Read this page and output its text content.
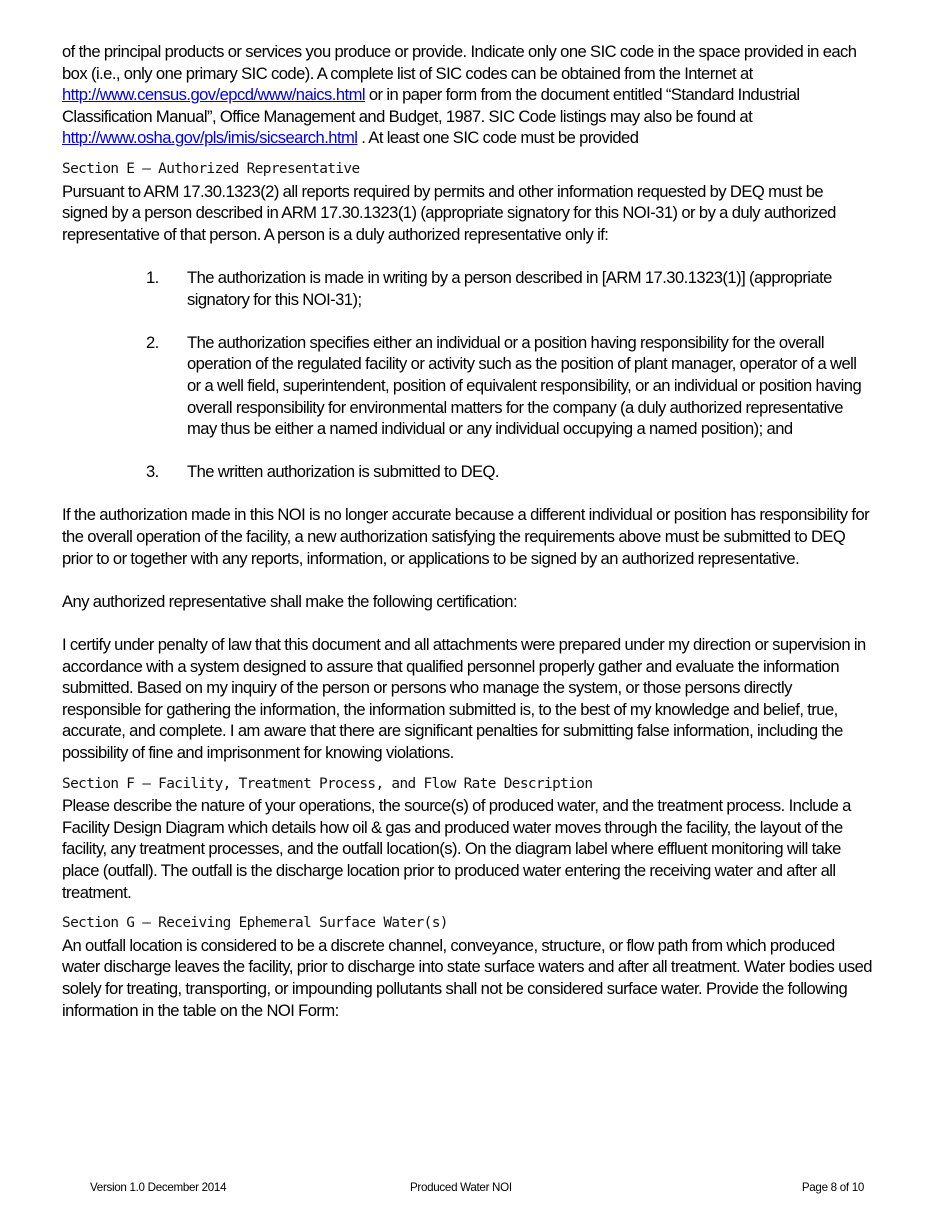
of the principal products or services you produce or provide. Indicate only one SIC code in the space provided in each box (i.e., only one primary SIC code). A complete list of SIC codes can be obtained from the Internet at http://www.census.gov/epcd/www/naics.html or in paper form from the document entitled “Standard Industrial Classification Manual”, Office Management and Budget, 1987. SIC Code listings may also be found at http://www.osha.gov/pls/imis/sicsearch.html . At least one SIC code must be provided

Section E – Authorized Representative

Pursuant to ARM 17.30.1323(2) all reports required by permits and other information requested by DEQ must be signed by a person described in ARM 17.30.1323(1) (appropriate signatory for this NOI-31) or by a duly authorized representative of that person. A person is a duly authorized representative only if:

1. The authorization is made in writing by a person described in [ARM 17.30.1323(1)] (appropriate signatory for this NOI-31);
2. The authorization specifies either an individual or a position having responsibility for the overall operation of the regulated facility or activity such as the position of plant manager, operator of a well or a well field, superintendent, position of equivalent responsibility, or an individual or position having overall responsibility for environmental matters for the company (a duly authorized representative may thus be either a named individual or any individual occupying a named position); and
3. The written authorization is submitted to DEQ.

If the authorization made in this NOI is no longer accurate because a different individual or position has responsibility for the overall operation of the facility, a new authorization satisfying the requirements above must be submitted to DEQ prior to or together with any reports, information, or applications to be signed by an authorized representative.

Any authorized representative shall make the following certification:

I certify under penalty of law that this document and all attachments were prepared under my direction or supervision in accordance with a system designed to assure that qualified personnel properly gather and evaluate the information submitted. Based on my inquiry of the person or persons who manage the system, or those persons directly responsible for gathering the information, the information submitted is, to the best of my knowledge and belief, true, accurate, and complete. I am aware that there are significant penalties for submitting false information, including the possibility of fine and imprisonment for knowing violations.

Section F – Facility, Treatment Process, and Flow Rate Description

Please describe the nature of your operations, the source(s) of produced water, and the treatment process. Include a Facility Design Diagram which details how oil & gas and produced water moves through the facility, the layout of the facility, any treatment processes, and the outfall location(s). On the diagram label where effluent monitoring will take place (outfall). The outfall is the discharge location prior to produced water entering the receiving water and after all treatment.

Section G – Receiving Ephemeral Surface Water(s)

An outfall location is considered to be a discrete channel, conveyance, structure, or flow path from which produced water discharge leaves the facility, prior to discharge into state surface waters and after all treatment. Water bodies used solely for treating, transporting, or impounding pollutants shall not be considered surface water. Provide the following information in the table on the NOI Form:

Version 1.0 December 2014	Produced Water NOI	Page 8 of 10
